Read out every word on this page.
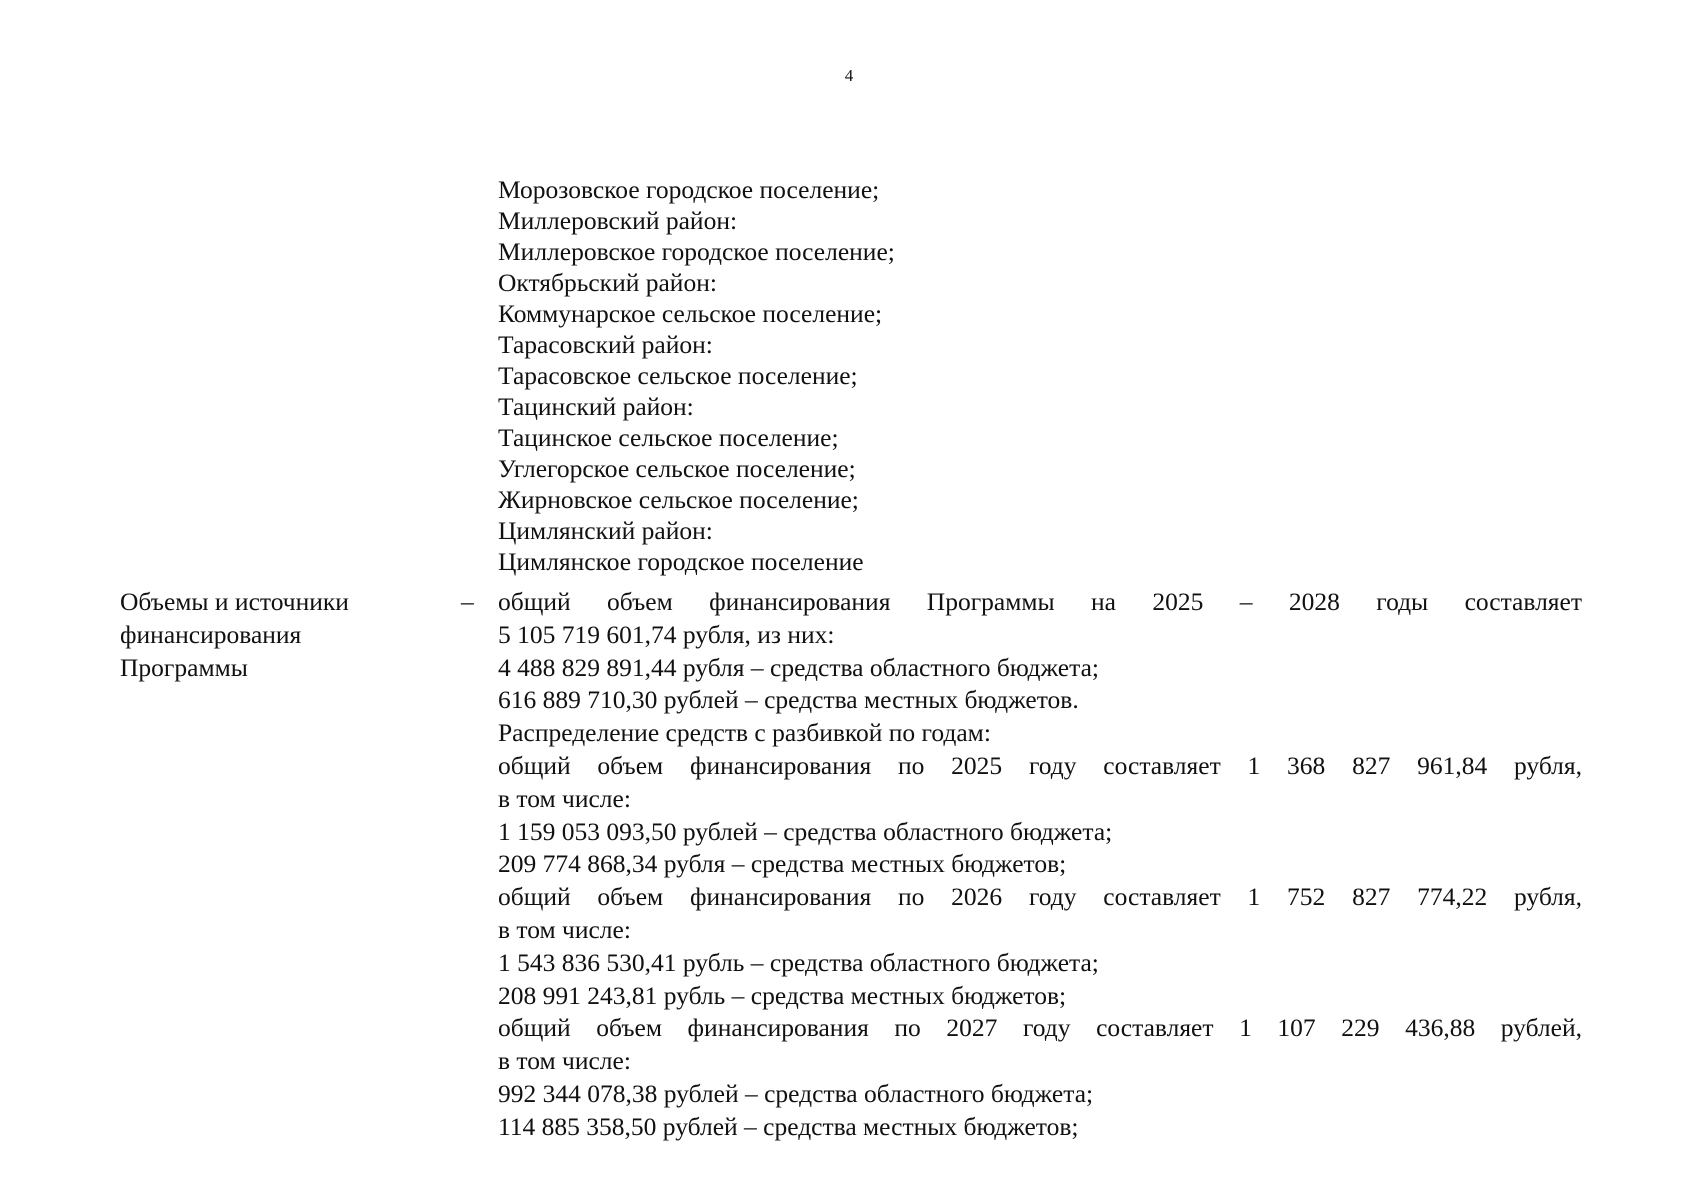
4
Морозовское городское поселение;
Миллеровский район:
Миллеровское городское поселение;
Октябрьский район:
Коммунарское сельское поселение;
Тарасовский район:
Тарасовское сельское поселение;
Тацинский район:
Тацинское сельское поселение;
Углегорское сельское поселение;
Жирновское сельское поселение;
Цимлянский район:
Цимлянское городское поселение
Объемы и источники
финансирования
Программы
– общий объем финансирования Программы на 2025 – 2028 годы составляет
5 105 719 601,74 рубля, из них:
4 488 829 891,44 рубля – средства областного бюджета;
616 889 710,30 рублей – средства местных бюджетов.
Распределение средств с разбивкой по годам:
общий объем финансирования по 2025 году составляет 1 368 827 961,84 рубля,
в том числе:
1 159 053 093,50 рублей – средства областного бюджета;
209 774 868,34 рубля – средства местных бюджетов;
общий объем финансирования по 2026 году составляет 1 752 827 774,22 рубля,
в том числе:
1 543 836 530,41 рубль – средства областного бюджета;
208 991 243,81 рубль – средства местных бюджетов;
общий объем финансирования по 2027 году составляет 1 107 229 436,88 рублей,
в том числе:
992 344 078,38 рублей – средства областного бюджета;
114 885 358,50 рублей – средства местных бюджетов;
